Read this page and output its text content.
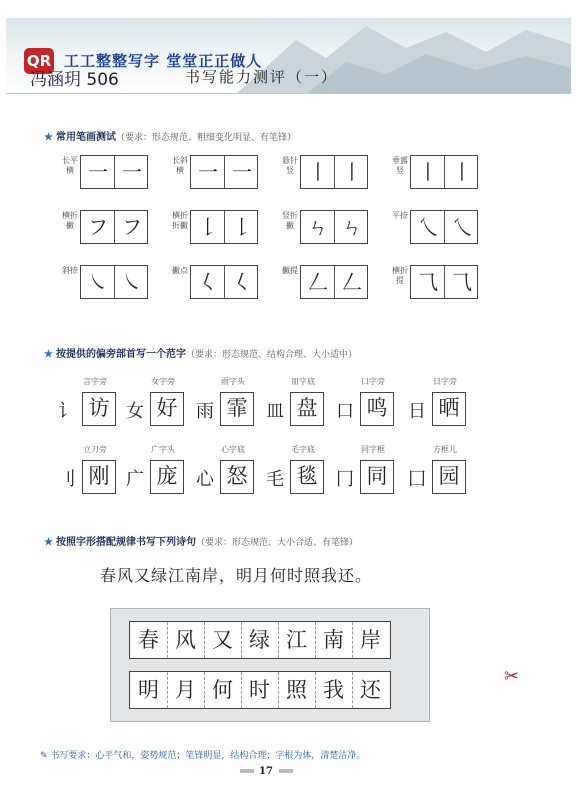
QR 工工整整写字 堂堂正正做人
冯涵玥 506	书写能力测评（一）
★ 常用笔画测试（要求：形态规范、粗细变化明显、有笔锋）
长平横 一 一	长斜横 一 一	悬针竖 丨 丨	垂露竖 丨 丨
横折撇 フ フ	横折折撇 𠄌 𠄌	竖折撇 ㄣ ㄣ	平捺 乀 乀
斜捺 ㇏ ㇏	撇点 𡿨 𡿨	撇提 𠃋 𠃋	横折提 ⺄ ⺄
★ 按提供的偏旁部首写一个范字（要求：形态规范、结构合理、大小适中）
言字旁
讠 访
女字旁
女 好
雨字头
雨 霏
皿字底
皿 盘
口字旁
口 鸣
日字旁
日 晒
立刀旁
刂 刚
广字头
广 庞
心字底
心 怒
毛字底
毛 毯
同字框
冂 同
方框儿
囗 园
★ 按照字形搭配规律书写下列诗句（要求：形态规范、大小合适、有笔锋）
春风又绿江南岸，明月何时照我还。
春 风 又 绿 江 南 岸
明 月 何 时 照 我 还
✂
✎ 书写要求：心平气和，姿势规范；笔锋明显，结构合理；字根为体，清楚洁净。
17
